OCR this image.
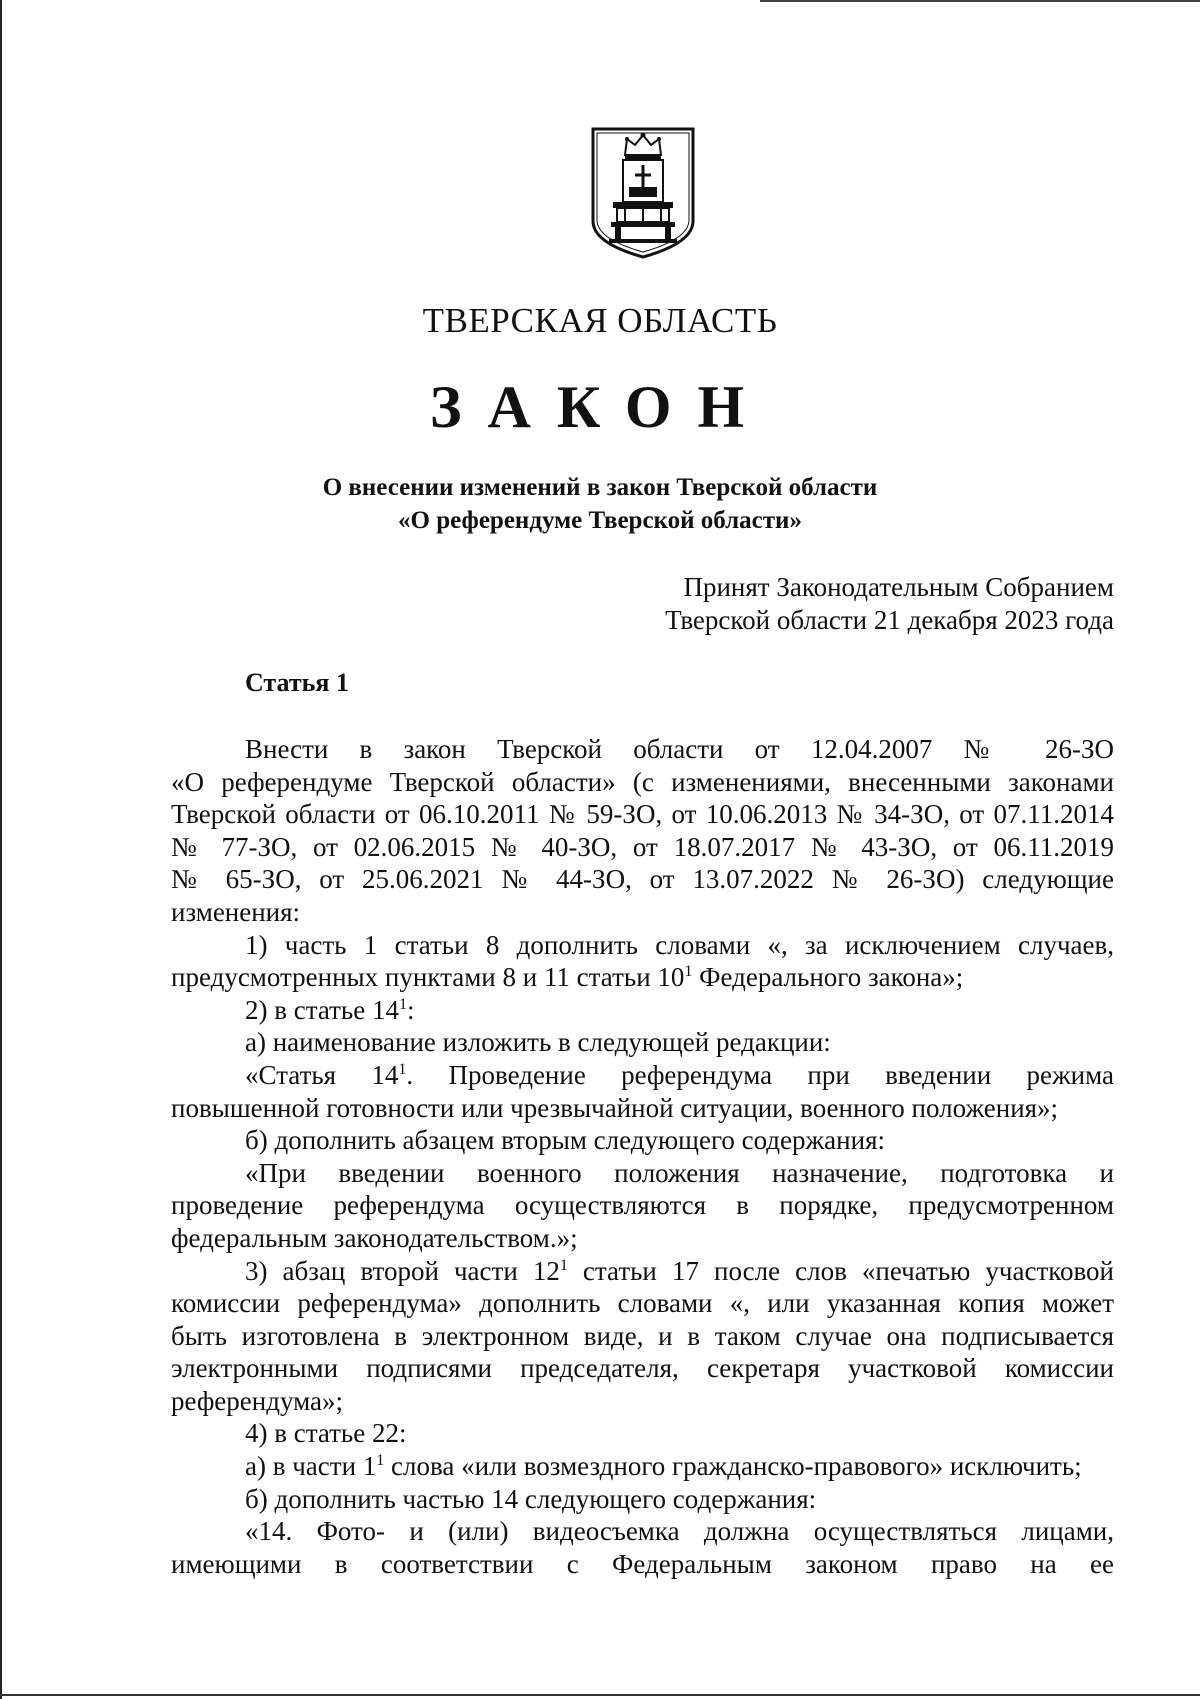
ТВЕРСКАЯ ОБЛАСТЬ
ЗАКОН
О внесении изменений в закон Тверской области
«О референдуме Тверской области»
Принят Законодательным Собранием
Тверской области 21 декабря 2023 года
Статья 1

Внести в закон Тверской области от 12.04.2007 № 26-ЗО

«О референдуме Тверской области» (с изменениями, внесенными законами
Тверской области от 06.10.2011 № 59-ЗО, от 10.06.2013 № 34-ЗО, от 07.11.2014
№ 77-ЗО, от 02.06.2015 № 40-ЗО, от 18.07.2017 № 43-ЗО, от 06.11.2019
№ 65-ЗО, от 25.06.2021 № 44-ЗО, от 13.07.2022 № 26-ЗО) следующие
изменения:

1) часть 1 статьи 8 дополнить словами «, за исключением случаев,

предусмотренных пунктами 8 и 11 статьи $10^1$ Федерального закона»;

2) в статье $14^1$:

а) наименование изложить в следующей редакции:

«Статья $14^1$. Проведение референдума при введении режима

повышенной готовности или чрезвычайной ситуации, военного положения»;

б) дополнить абзацем вторым следующего содержания:

«При введении военного положения назначение, подготовка и

проведение референдума осуществляются в порядке, предусмотренном
федеральным законодательством.»;

3) абзац второй части $12^1$ статьи 17 после слов «печатью участковой

комиссии референдума» дополнить словами «, или указанная копия может
быть изготовлена в электронном виде, и в таком случае она подписывается
электронными подписями председателя, секретаря участковой комиссии
референдума»;

4) в статье 22:

а) в части $1^1$ слова «или возмездного гражданско-правового» исключить;

б) дополнить частью 14 следующего содержания:

«14. Фото- и (или) видеосъемка должна осуществляться лицами,

имеющими в соответствии с Федеральным законом право на ее
